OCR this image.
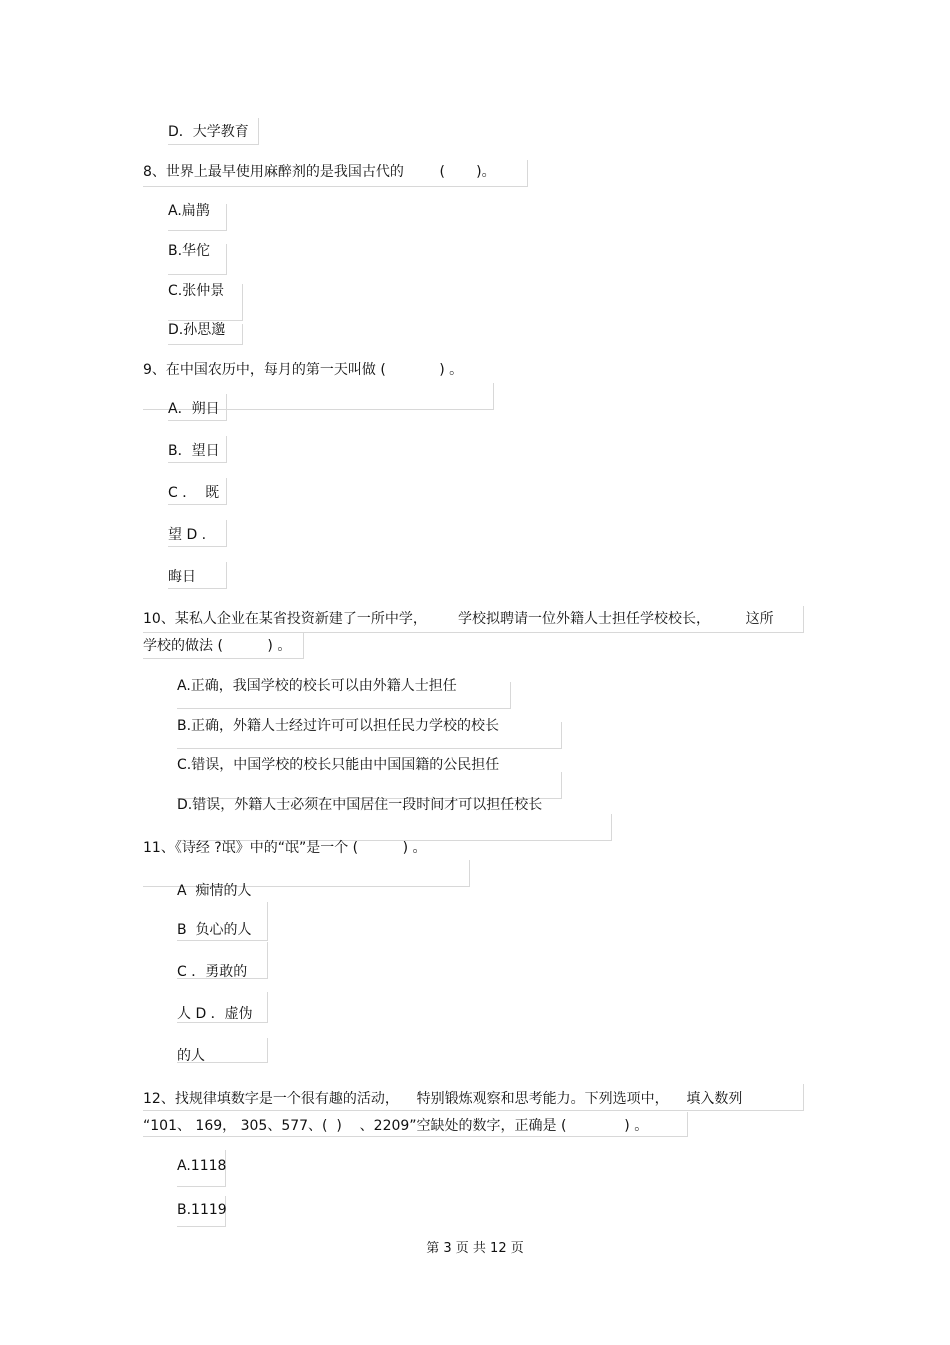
D．大学教育
8、世界上最早使用麻醉剂的是我国古代的        (       )。
A.扁鹊
B.华佗
C.张仲景
D.孙思邈
9、在中国农历中，每月的第一天叫做 (            ) 。
A．朔日
B．望日
C ．  既
望 D .
晦日
10、某私人企业在某省投资新建了一所中学，       学校拟聘请一位外籍人士担任学校校长，        这所
学校的做法 (          ) 。
A.正确，我国学校的校长可以由外籍人士担任
B.正确，外籍人士经过许可可以担任民力学校的校长
C.错误，中国学校的校长只能由中国国籍的公民担任
D.错误，外籍人士必须在中国居住一段时间才可以担任校长
11、《诗经 ?氓》中的“氓”是一个 (          ) 。
A  痴情的人
B  负心的人
C ．勇敢的
人 D ．虚伪
的人
12、找规律填数字是一个很有趣的活动，    特别锻炼观察和思考能力。下列选项中，    填入数列
“101、 169， 305、577、(  )    、2209”空缺处的数字，正确是 (             ) 。
A.1118
B.1119
第 3 页 共 12 页
